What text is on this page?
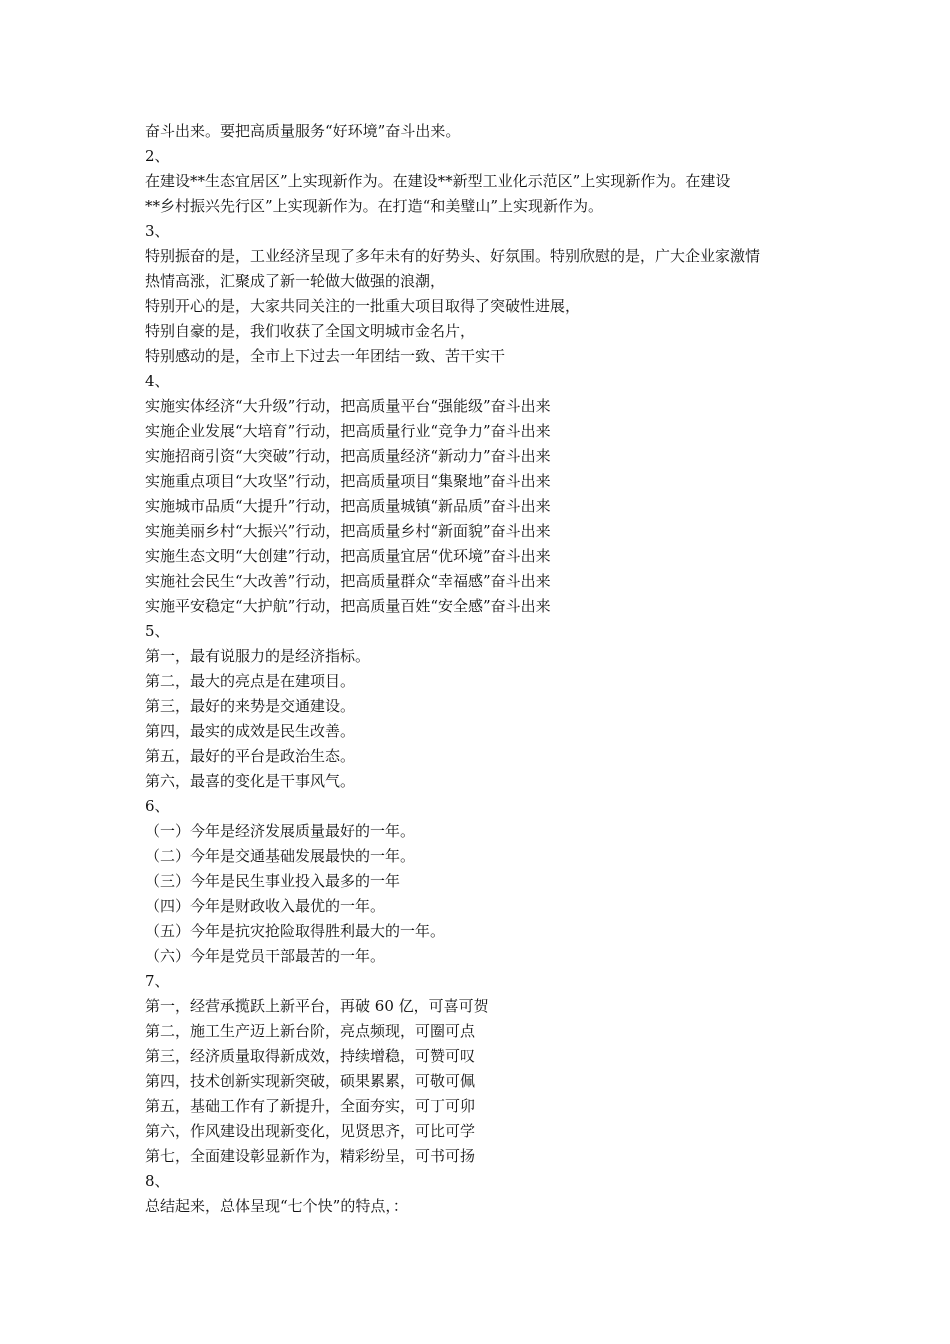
奋斗出来。要把高质量服务“好环境”奋斗出来。
2、
在建设**生态宜居区”上实现新作为。在建设**新型工业化示范区”上实现新作为。在建设
**乡村振兴先行区”上实现新作为。在打造“和美璧山”上实现新作为。
3、
特别振奋的是，工业经济呈现了多年未有的好势头、好氛围。特别欣慰的是，广大企业家激情
热情高涨，汇聚成了新一轮做大做强的浪潮，
特别开心的是，大家共同关注的一批重大项目取得了突破性进展，
特别自豪的是，我们收获了全国文明城市金名片，
特别感动的是，全市上下过去一年团结一致、苦干实干
4、
实施实体经济“大升级”行动，把高质量平台“强能级”奋斗出来
实施企业发展“大培育”行动，把高质量行业“竞争力”奋斗出来
实施招商引资“大突破”行动，把高质量经济“新动力”奋斗出来
实施重点项目“大攻坚”行动，把高质量项目“集聚地”奋斗出来
实施城市品质“大提升”行动，把高质量城镇“新品质”奋斗出来
实施美丽乡村“大振兴”行动，把高质量乡村“新面貌”奋斗出来
实施生态文明“大创建”行动，把高质量宜居“优环境”奋斗出来
实施社会民生“大改善”行动，把高质量群众“幸福感”奋斗出来
实施平安稳定“大护航”行动，把高质量百姓“安全感”奋斗出来
5、
第一，最有说服力的是经济指标。
第二，最大的亮点是在建项目。
第三，最好的来势是交通建设。
第四，最实的成效是民生改善。
第五，最好的平台是政治生态。
第六，最喜的变化是干事风气。
6、
（一）今年是经济发展质量最好的一年。
（二）今年是交通基础发展最快的一年。
（三）今年是民生事业投入最多的一年
（四）今年是财政收入最优的一年。
（五）今年是抗灾抢险取得胜利最大的一年。
（六）今年是党员干部最苦的一年。
7、
第一，经营承揽跃上新平台，再破 60 亿，可喜可贺
第二，施工生产迈上新台阶，亮点频现，可圈可点
第三，经济质量取得新成效，持续增稳，可赞可叹
第四，技术创新实现新突破，硕果累累，可敬可佩
第五，基础工作有了新提升，全面夯实，可丁可卯
第六，作风建设出现新变化，见贤思齐，可比可学
第七，全面建设彰显新作为，精彩纷呈，可书可扬
8、
总结起来，总体呈现“七个快”的特点，：
